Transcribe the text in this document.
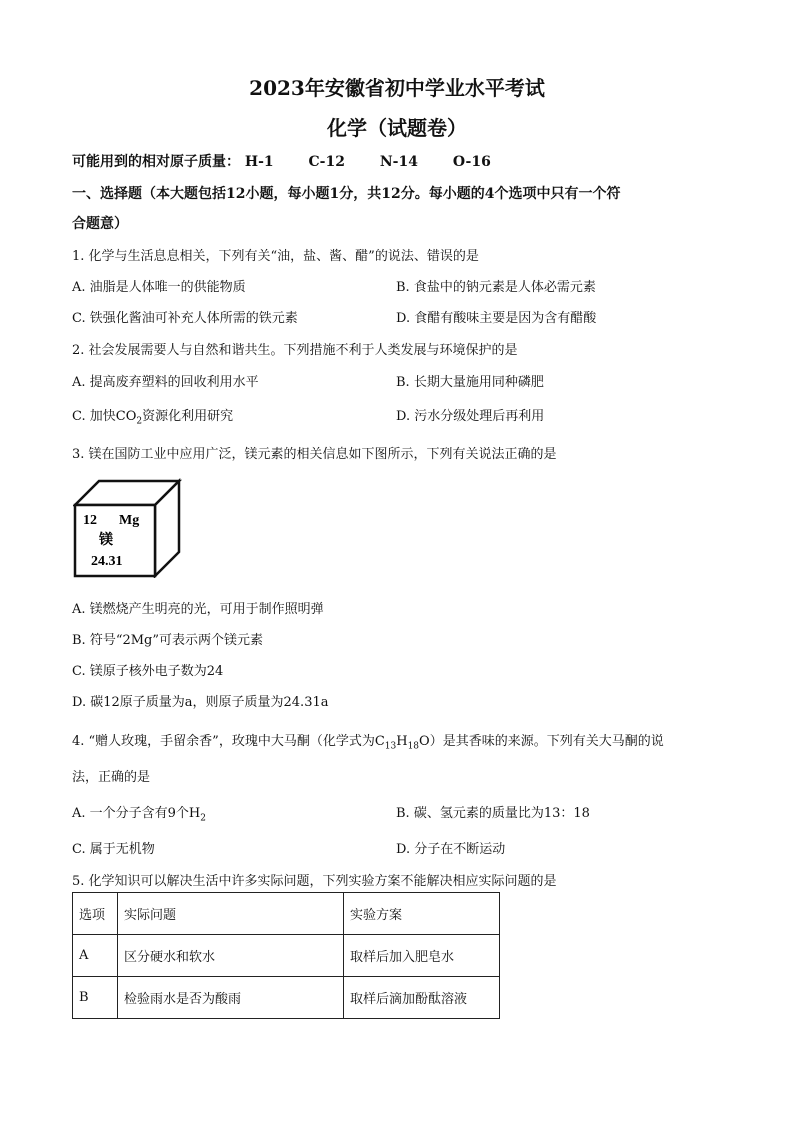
2023年安徽省初中学业水平考试
化学（试题卷）
可能用到的相对原子质量： H-1 C-12 N-14 O-16
一、选择题（本大题包括12小题，每小题1分，共12分。每小题的4个选项中只有一个符
合题意）
1. 化学与生活息息相关，下列有关“油，盐、酱、醋”的说法、错误的是
A. 油脂是人体唯一的供能物质	B. 食盐中的钠元素是人体必需元素
C. 铁强化酱油可补充人体所需的铁元素	D. 食醋有酸味主要是因为含有醋酸
2. 社会发展需要人与自然和谐共生。下列措施不利于人类发展与环境保护的是
A. 提高废弃塑料的回收利用水平	B. 长期大量施用同种磷肥
C. 加快$CO_2$资源化利用研究	D. 污水分级处理后再利用
3. 镁在国防工业中应用广泛，镁元素的相关信息如下图所示，下列有关说法正确的是
12 Mg
镁
24.31
A. 镁燃烧产生明亮的光，可用于制作照明弹
B. 符号“2Mg”可表示两个镁元素
C. 镁原子核外电子数为24
D. 碳12原子质量为a，则原子质量为24.31a
4. “赠人玫瑰，手留余香”，玫瑰中大马酮（化学式为$C_{13}H_{18}O$）是其香味的来源。下列有关大马酮的说
法，正确的是
A. 一个分子含有9个$H_2$	B. 碳、氢元素的质量比为13：18
C. 属于无机物	D. 分子在不断运动
5. 化学知识可以解决生活中许多实际问题，下列实验方案不能解决相应实际问题的是
选项	实际问题	实验方案
A	区分硬水和软水	取样后加入肥皂水
B	检验雨水是否为酸雨	取样后滴加酚酞溶液
